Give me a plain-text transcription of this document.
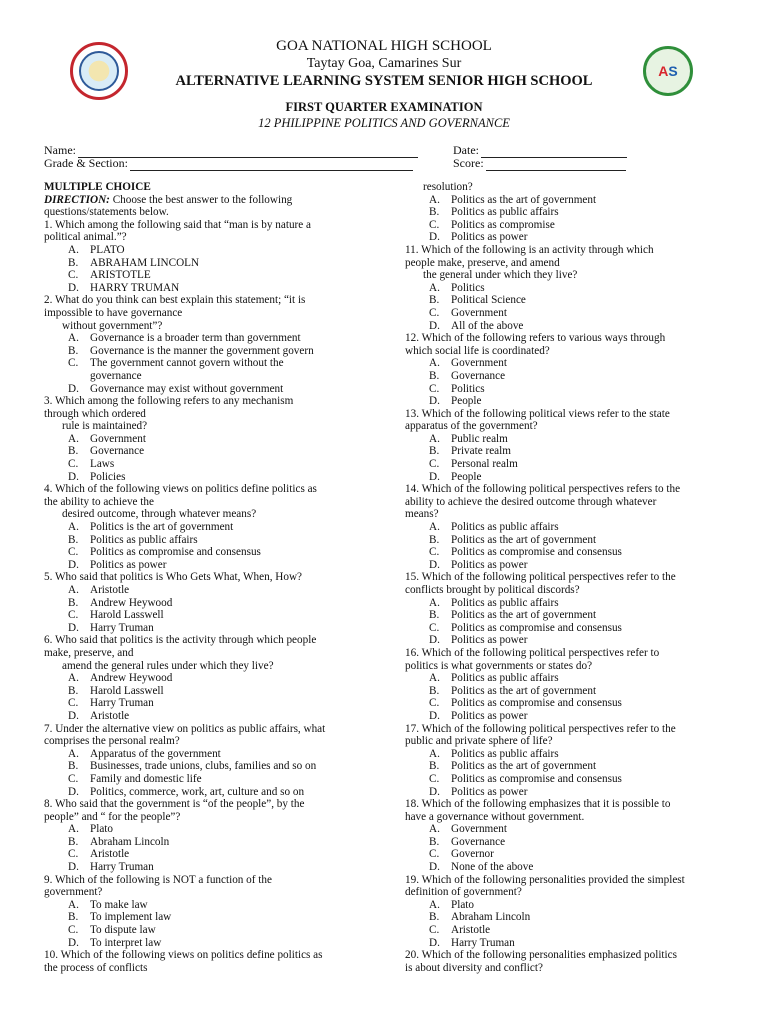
A S
GOA NATIONAL HIGH SCHOOL
Taytay Goa, Camarines Sur
ALTERNATIVE LEARNING SYSTEM SENIOR HIGH SCHOOL
FIRST QUARTER EXAMINATION
12 PHILIPPINE POLITICS AND GOVERNANCE
Name:	Date:
Grade & Section:	Score:
MULTIPLE CHOICE
DIRECTION: Choose the best answer to the following
questions/statements below.
1. Which among the following said that “man is by nature a
political animal.”?
A. PLATO
B. ABRAHAM LINCOLN
C. ARISTOTLE
D. HARRY TRUMAN
2. What do you think can best explain this statement; “it is
impossible to have governance
without government”?
A. Governance is a broader term than government
B. Governance is the manner the government govern
C. The government cannot govern without the
governance
D. Governance may exist without government
3. Which among the following refers to any mechanism
through which ordered
rule is maintained?
A. Government
B. Governance
C. Laws
D. Policies
4. Which of the following views on politics define politics as
the ability to achieve the
desired outcome, through whatever means?
A. Politics is the art of government
B. Politics as public affairs
C. Politics as compromise and consensus
D. Politics as power
5. Who said that politics is Who Gets What, When, How?
A. Aristotle
B. Andrew Heywood
C. Harold Lasswell
D. Harry Truman
6. Who said that politics is the activity through which people
make, preserve, and
amend the general rules under which they live?
A. Andrew Heywood
B. Harold Lasswell
C. Harry Truman
D. Aristotle
7. Under the alternative view on politics as public affairs, what
comprises the personal realm?
A. Apparatus of the government
B. Businesses, trade unions, clubs, families and so on
C. Family and domestic life
D. Politics, commerce, work, art, culture and so on
8. Who said that the government is “of the people”, by the
people” and “ for the people”?
A. Plato
B. Abraham Lincoln
C. Aristotle
D. Harry Truman
9. Which of the following is NOT a function of the
government?
A. To make law
B. To implement law
C. To dispute law
D. To interpret law
10. Which of the following views on politics define politics as
the process of conflicts
resolution?
A. Politics as the art of government
B. Politics as public affairs
C. Politics as compromise
D. Politics as power
11. Which of the following is an activity through which
people make, preserve, and amend
the general under which they live?
A. Politics
B. Political Science
C. Government
D. All of the above
12. Which of the following refers to various ways through
which social life is coordinated?
A. Government
B. Governance
C. Politics
D. People
13. Which of the following political views refer to the state
apparatus of the government?
A. Public realm
B. Private realm
C. Personal realm
D. People
14. Which of the following political perspectives refers to the
ability to achieve the desired outcome through whatever
means?
A. Politics as public affairs
B. Politics as the art of government
C. Politics as compromise and consensus
D. Politics as power
15. Which of the following political perspectives refer to the
conflicts brought by political discords?
A. Politics as public affairs
B. Politics as the art of government
C. Politics as compromise and consensus
D. Politics as power
16. Which of the following political perspectives refer to
politics is what governments or states do?
A. Politics as public affairs
B. Politics as the art of government
C. Politics as compromise and consensus
D. Politics as power
17. Which of the following political perspectives refer to the
public and private sphere of life?
A. Politics as public affairs
B. Politics as the art of government
C. Politics as compromise and consensus
D. Politics as power
18. Which of the following emphasizes that it is possible to
have a governance without government.
A. Government
B. Governance
C. Governor
D. None of the above
19. Which of the following personalities provided the simplest
definition of government?
A. Plato
B. Abraham Lincoln
C. Aristotle
D. Harry Truman
20. Which of the following personalities emphasized politics
is about diversity and conflict?
